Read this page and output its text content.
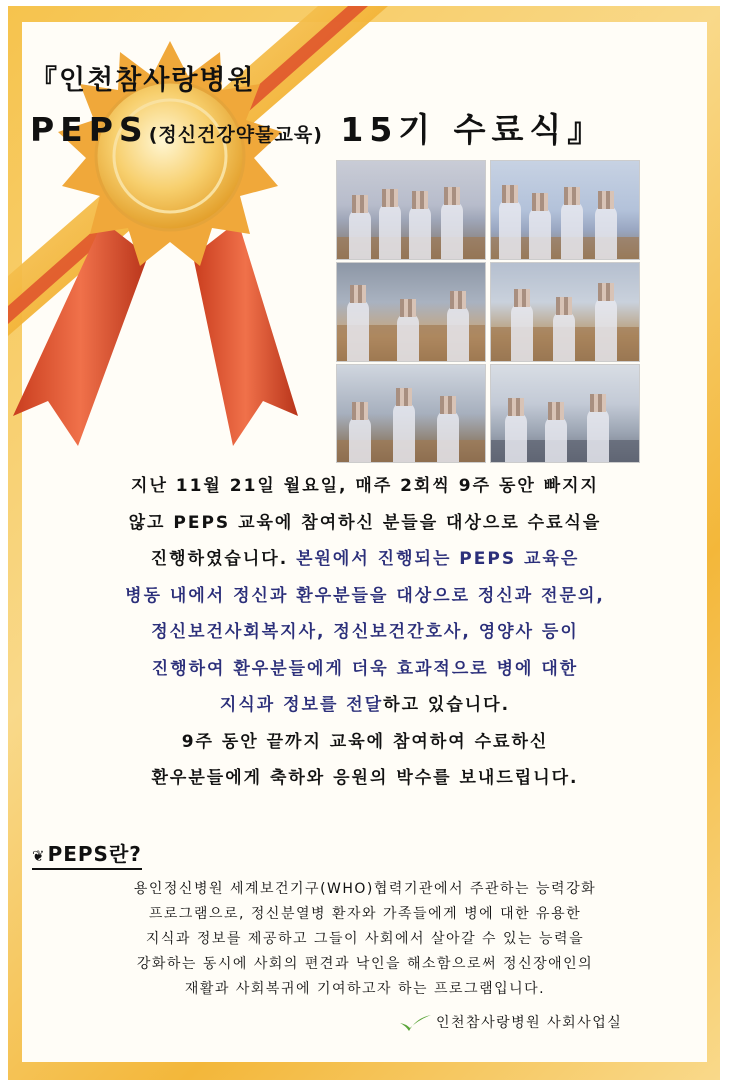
『인천참사랑병원
PEPS(정신건강약물교육) 15기 수료식』
지난 11월 21일 월요일, 매주 2회씩 9주 동안 빠지지
않고 PEPS 교육에 참여하신 분들을 대상으로 수료식을
진행하였습니다. 본원에서 진행되는 PEPS 교육은
병동 내에서 정신과 환우분들을 대상으로 정신과 전문의,
정신보건사회복지사, 정신보건간호사, 영양사 등이
진행하여 환우분들에게 더욱 효과적으로 병에 대한
지식과 정보를 전달하고 있습니다.
9주 동안 끝까지 교육에 참여하여 수료하신
환우분들에게 축하와 응원의 박수를 보내드립니다.
❦ PEPS란?
용인정신병원 세계보건기구(WHO)협력기관에서 주관하는 능력강화
프로그램으로, 정신분열병 환자와 가족들에게 병에 대한 유용한
지식과 정보를 제공하고 그들이 사회에서 살아갈 수 있는 능력을
강화하는 동시에 사회의 편견과 낙인을 해소함으로써 정신장애인의
재활과 사회복귀에 기여하고자 하는 프로그램입니다.
인천참사랑병원 사회사업실
